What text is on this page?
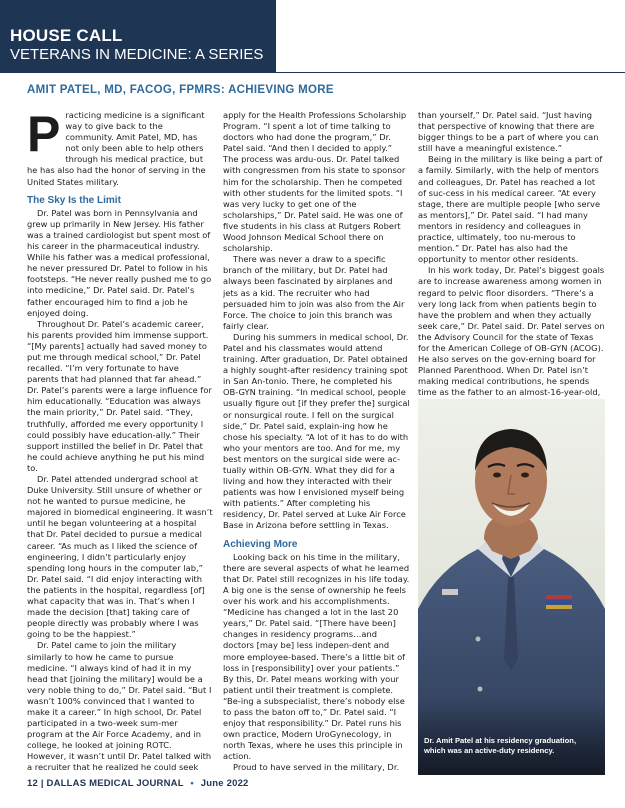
HOUSE CALL
VETERANS IN MEDICINE: A SERIES
AMIT PATEL, MD, FACOG, FPMRS: ACHIEVING MORE

Practicing medicine is a significant way to give back to the community. Amit Patel, MD, has not only been able to help others through his medical practice, but he has also had the honor of serving in the United States military.

The Sky Is the Limit

Dr. Patel was born in Pennsylvania and grew up primarily in New Jersey. His father was a trained cardiologist but spent most of his career in the pharmaceutical industry. While his father was a medical professional, he never pressured Dr. Patel to follow in his footsteps. “He never really pushed me to go into medicine,” Dr. Patel said. Dr. Patel’s father encouraged him to find a job he enjoyed doing.

Throughout Dr. Patel’s academic career, his parents provided him immense support. “[My parents] actually had saved money to put me through medical school,” Dr. Patel recalled. “I’m very fortunate to have parents that had planned that far ahead.” Dr. Patel’s parents were a large influence for him educationally. “Education was always the main priority,” Dr. Patel said. “They, truthfully, afforded me every opportunity I could possibly have education-ally.” Their support instilled the belief in Dr. Patel that he could achieve anything he put his mind to.

Dr. Patel attended undergrad school at Duke University. Still unsure of whether or not he wanted to pursue medicine, he majored in biomedical engineering. It wasn’t until he began volunteering at a hospital that Dr. Patel decided to pursue a medical career. “As much as I liked the science of engineering, I didn’t particularly enjoy spending long hours in the computer lab,” Dr. Patel said. “I did enjoy interacting with the patients in the hospital, regardless [of] what capacity that was in. That’s when I made the decision [that] taking care of people directly was probably where I was going to be the happiest.”

Dr. Patel came to join the military similarly to how he came to pursue medicine. “I always kind of had it in my head that [joining the military] would be a very noble thing to do,” Dr. Patel said. “But I wasn’t 100% convinced that I wanted to make it a career.” In high school, Dr. Patel participated in a two-week sum-mer program at the Air Force Academy, and in college, he looked at joining ROTC. However, it wasn’t until Dr. Patel talked with a recruiter that he realized he could seek

apply for the Health Professions Scholarship Program. “I spent a lot of time talking to doctors who had done the program,” Dr. Patel said. “And then I decided to apply.” The process was ardu-ous. Dr. Patel talked with congressmen from his state to sponsor him for the scholarship. Then he competed with other students for the limited spots. “I was very lucky to get one of the scholarships,” Dr. Patel said. He was one of five students in his class at Rutgers Robert Wood Johnson Medical School there on scholarship.

There was never a draw to a specific branch of the military, but Dr. Patel had always been fascinated by airplanes and jets as a kid. The recruiter who had persuaded him to join was also from the Air Force. The choice to join this branch was fairly clear.

During his summers in medical school, Dr. Patel and his classmates would attend training. After graduation, Dr. Patel obtained a highly sought-after residency training spot in San An-tonio. There, he completed his OB-GYN training. “In medical school, people usually figure out [if they prefer the] surgical or nonsurgical route. I fell on the surgical side,” Dr. Patel said, explain-ing how he chose his specialty. “A lot of it has to do with who your mentors are too. And for me, my best mentors on the surgical side were ac-tually within OB-GYN. What they did for a living and how they interacted with their patients was how I envisioned myself being with patients.” After completing his residency, Dr. Patel served at Luke Air Force Base in Arizona before settling in Texas.

Achieving More

Looking back on his time in the military, there are several aspects of what he learned that Dr. Patel still recognizes in his life today. A big one is the sense of ownership he feels over his work and his accomplishments. “Medicine has changed a lot in the last 20 years,” Dr. Patel said. “[There have been] changes in residency programs…and doctors [may be] less indepen-dent and more employee-based. There’s a little bit of loss in [responsibility] over your patients.” By this, Dr. Patel means working with your patient until their treatment is complete. “Be-ing a subspecialist, there’s nobody else to pass the baton off to,” Dr. Patel said. “I enjoy that responsibility.” Dr. Patel runs his own practice, Modern UroGynecology, in north Texas, where he uses this principle in action.

Proud to have served in the military, Dr.

than yourself,” Dr. Patel said. “Just having that perspective of knowing that there are bigger things to be a part of where you can still have a meaningful existence.”

Being in the military is like being a part of a family. Similarly, with the help of mentors and colleagues, Dr. Patel has reached a lot of suc-cess in his medical career. “At every stage, there are multiple people [who serve as mentors],” Dr. Patel said. “I had many mentors in residency and colleagues in practice, ultimately, too nu-merous to mention.” Dr. Patel has also had the opportunity to mentor other residents.

In his work today, Dr. Patel’s biggest goals are to increase awareness among women in regard to pelvic floor disorders. “There’s a very long lack from when patients begin to have the problem and when they actually seek care,” Dr. Patel said. Dr. Patel serves on the Advisory Council for the state of Texas for the American College of OB-GYN (ACOG). He also serves on the gov-erning board for Planned Parenthood. When Dr. Patel isn’t making medical contributions, he spends time as the father to an almost-16-year-old,

Dr. Amit Patel at his residency graduation, which was an active-duty residency.
12 | DALLAS MEDICAL JOURNAL • June 2022
